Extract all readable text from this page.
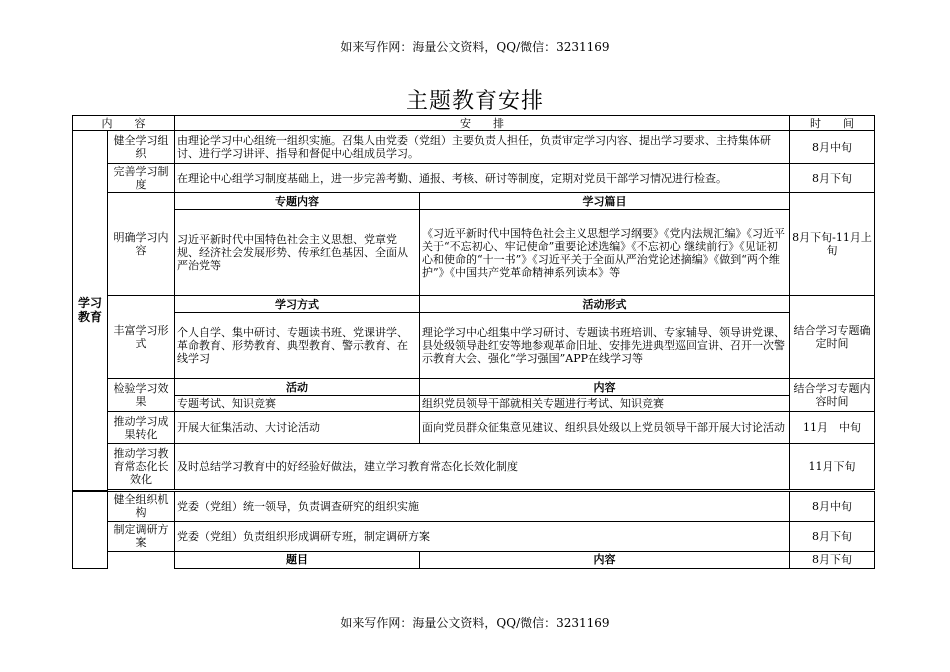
如来写作网：海量公文资料，QQ/微信：3231169
主题教育安排
内　　容		安　　排		时　　间
学习教育	健全学习组织	由理论学习中心组统一组织实施。召集人由党委（党组）主要负责人担任，负责审定学习内容、提出学习要求、主持集体研讨、进行学习讲评、指导和督促中心组成员学习。		8月中旬
	完善学习制度	在理论中心组学习制度基础上，进一步完善考勤、通报、考核、研讨等制度，定期对党员干部学习情况进行检查。		8月下旬
	明确学习内容	专题内容	学习篇目	8月下旬-11月上旬
		习近平新时代中国特色社会主义思想、党章党规、经济社会发展形势、传承红色基因、全面从严治党等	《习近平新时代中国特色社会主义思想学习纲要》《党内法规汇编》《习近平关于“不忘初心、牢记使命”重要论述选编》《不忘初心 继续前行》《见证初心和使命的“十一书”》《习近平关于全面从严治党论述摘编》《做到“两个维护”》《中国共产党革命精神系列读本》等	
	丰富学习形式	学习方式	活动形式	结合学习专题确定时间
		个人自学、集中研讨、专题读书班、党课讲学、革命教育、形势教育、典型教育、警示教育、在线学习	理论学习中心组集中学习研讨、专题读书班培训、专家辅导、领导讲党课、县处级领导赴红安等地参观革命旧址、安排先进典型巡回宣讲、召开一次警示教育大会、强化“学习强国”APP在线学习等	
	检验学习效果	活动	内容	结合学习专题内容时间
		专题考试、知识竞赛	组织党员领导干部就相关专题进行考试、知识竞赛	
	推动学习成果转化	开展大征集活动、大讨论活动	面向党员群众征集意见建议、组织县处级以上党员领导干部开展大讨论活动	11月　中旬
	推动学习教育常态化长效化	及时总结学习教育中的好经验好做法，建立学习教育常态化长效化制度		11月下旬

	健全组织机构	党委（党组）统一领导，负责调查研究的组织实施		8月中旬
	制定调研方案	党委（党组）负责组织形成调研专班，制定调研方案		8月下旬
		题目	内容	8月下旬
如来写作网：海量公文资料，QQ/微信：3231169
